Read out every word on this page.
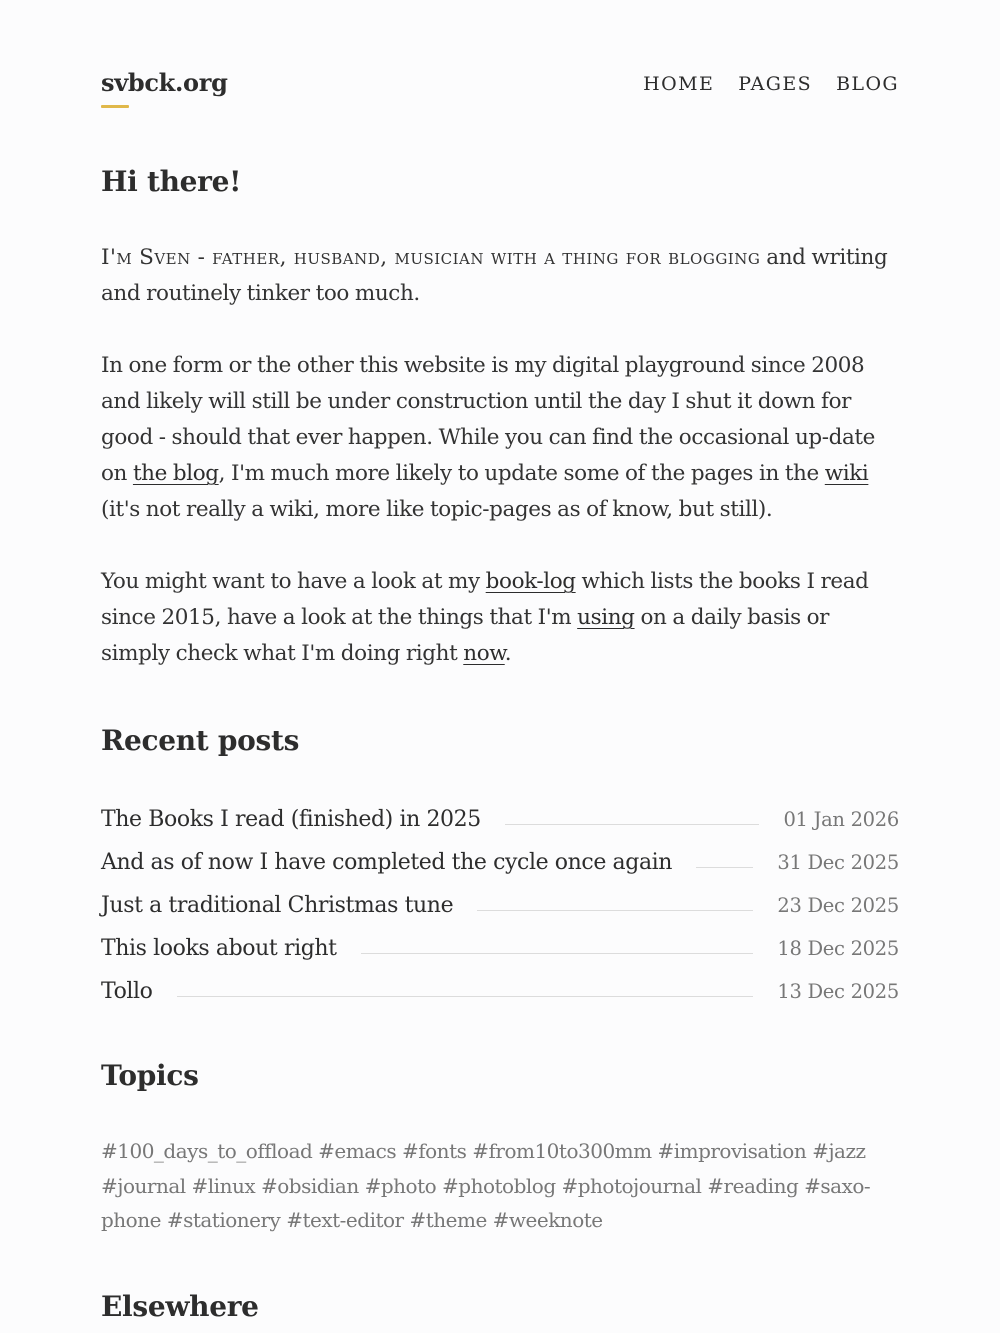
svbck.org	HOME PAGES BLOG
Hi there!

I'm Sven - father, husband, musician with a thing for blogging and writing and routinely tinker too much.

In one form or the other this website is my digital playground since 2008 and likely will still be under construction until the day I shut it down for good - should that ever happen. While you can find the occasional up-date on the blog, I'm much more likely to update some of the pages in the wiki (it's not really a wiki, more like topic-pages as of know, but still).

You might want to have a look at my book-log which lists the books I read since 2015, have a look at the things that I'm using on a daily basis or simply check what I'm doing right now.

Recent posts
The Books I read (finished) in 2025	01 Jan 2026
And as of now I have completed the cycle once again	31 Dec 2025
Just a traditional Christmas tune	23 Dec 2025
This looks about right	18 Dec 2025
Tollo	13 Dec 2025
Topics

#100_days_to_offload #emacs #fonts #from10to300mm #improvisation #jazz #journal #linux #obsidian #photo #photoblog #photojournal #reading #saxo-phone #stationery #text-editor #theme #weeknote

Elsewhere
